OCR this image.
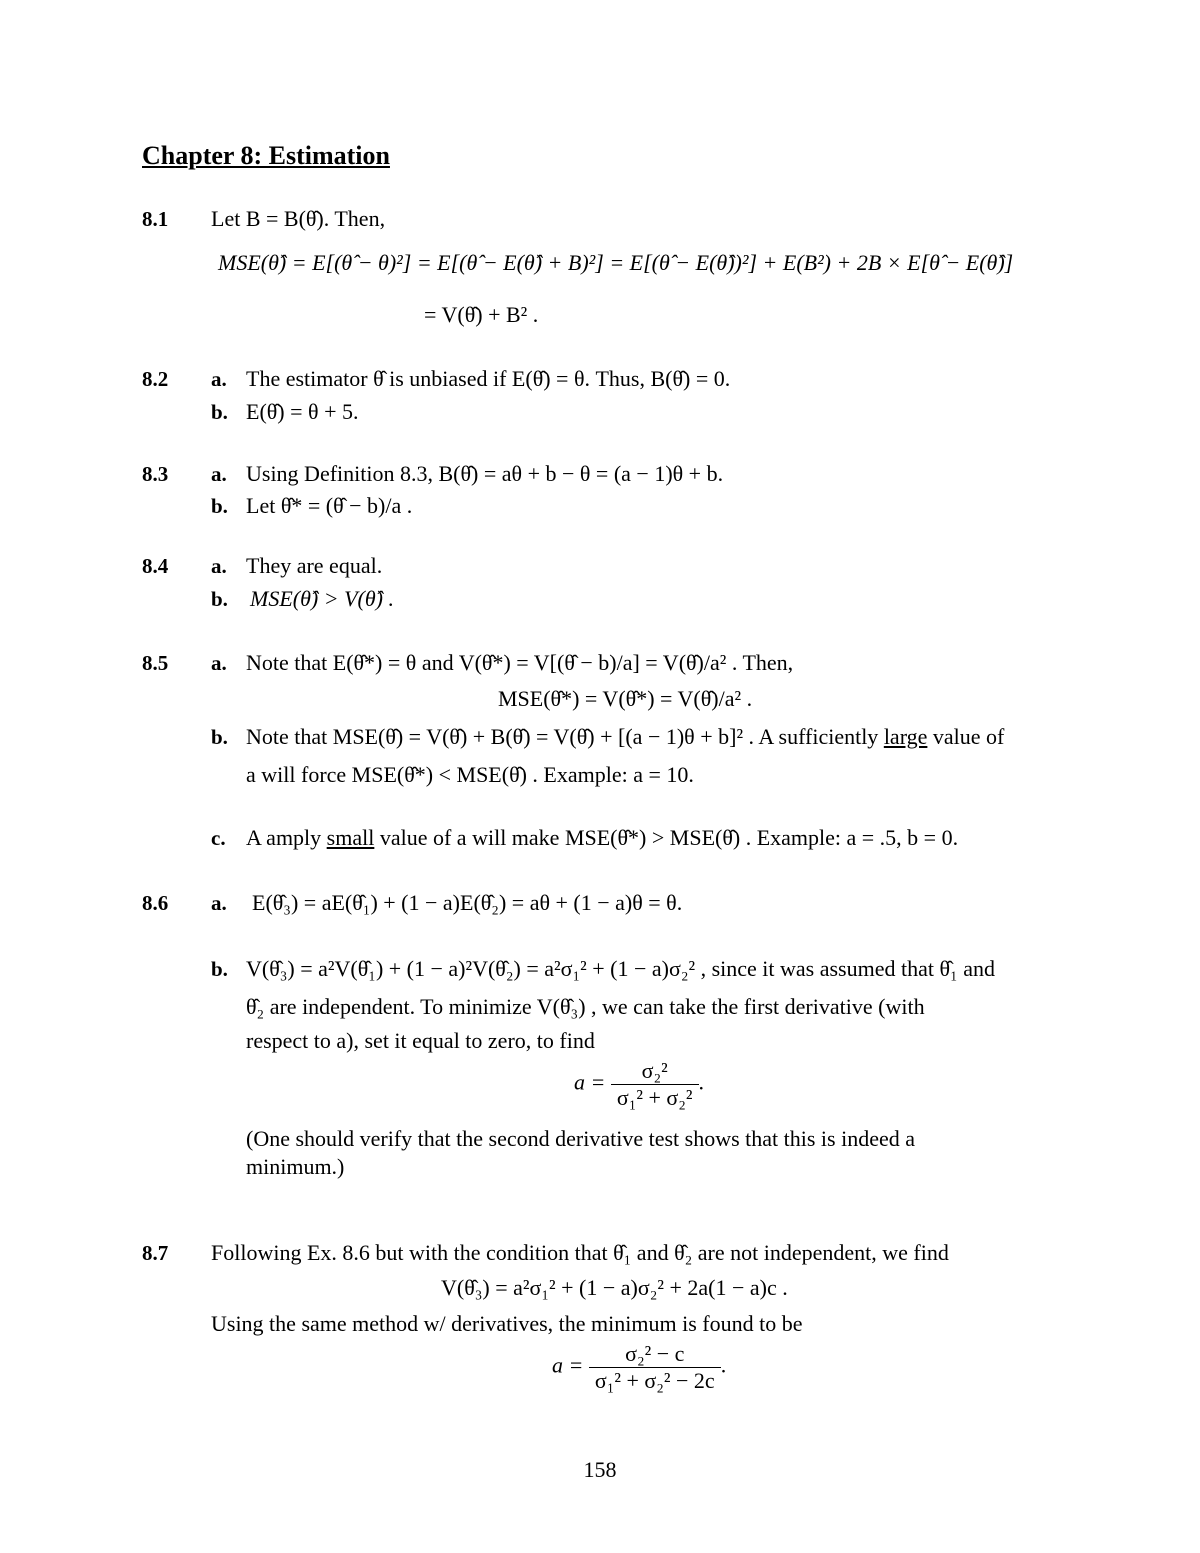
Chapter 8: Estimation
8.1 Let B = B(θ̂). Then,
MSE(θ̂) = E[(θ̂ − θ)²] = E[(θ̂ − E(θ̂) + B)²] = E[(θ̂ − E(θ̂))²] + E(B²) + 2B × E[θ̂ − E(θ̂)]
= V(θ̂) + B² .
8.2 a. The estimator θ̂ is unbiased if E(θ̂) = θ. Thus, B(θ̂) = 0.
b. E(θ̂) = θ + 5.
8.3 a. Using Definition 8.3, B(θ̂) = aθ + b − θ = (a − 1)θ + b.
b. Let θ̂* = (θ̂ − b)/a .
8.4 a. They are equal.
b. MSE(θ̂) > V(θ̂) .
8.5 a. Note that E(θ̂*) = θ and V(θ̂*) = V[(θ̂ − b)/a] = V(θ̂)/a² . Then,
MSE(θ̂*) = V(θ̂*) = V(θ̂)/a² .
b. Note that MSE(θ̂) = V(θ̂) + B(θ̂) = V(θ̂) + [(a − 1)θ + b]² . A sufficiently large value of
a will force MSE(θ̂*) < MSE(θ̂) . Example: a = 10.
c. A amply small value of a will make MSE(θ̂*) > MSE(θ̂) . Example: a = .5, b = 0.
8.6 a. E(θ̂₃) = aE(θ̂₁) + (1 − a)E(θ̂₂) = aθ + (1 − a)θ = θ.
b. V(θ̂₃) = a²V(θ̂₁) + (1 − a)²V(θ̂₂) = a²σ₁² + (1 − a)σ₂² , since it was assumed that θ̂₁ and
θ̂₂ are independent. To minimize V(θ̂₃) , we can take the first derivative (with
respect to a), set it equal to zero, to find
$a = \frac{\text{σ₂²}}{\text{σ₁² + σ₂²}}$ .
(One should verify that the second derivative test shows that this is indeed a
minimum.)
8.7 Following Ex. 8.6 but with the condition that θ̂₁ and θ̂₂ are not independent, we find
V(θ̂₃) = a²σ₁² + (1 − a)σ₂² + 2a(1 − a)c .
Using the same method w/ derivatives, the minimum is found to be
$a = \frac{\text{σ₂² − c}}{\text{σ₁² + σ₂² − 2c}}$ .
158
